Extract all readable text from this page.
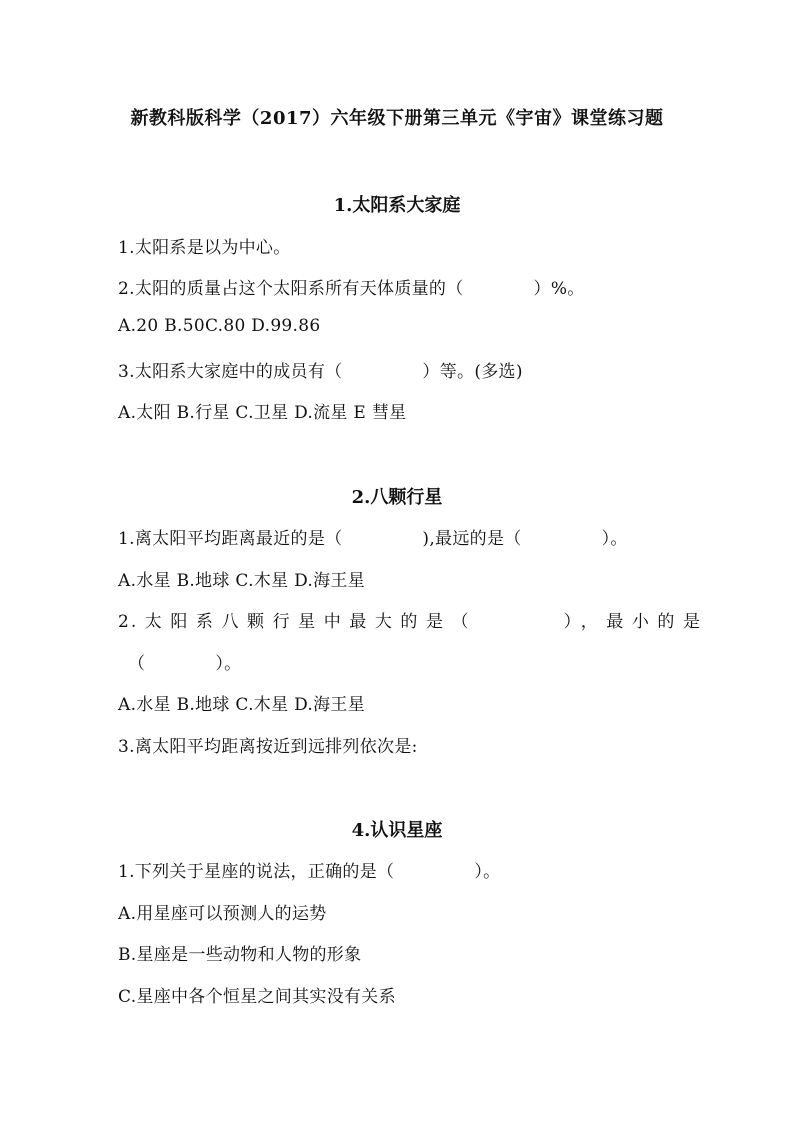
新教科版科学（2017）六年级下册第三单元《宇宙》课堂练习题
1.太阳系大家庭
1.太阳系是以为中心。
2.太阳的质量占这个太阳系所有天体质量的（	）%。
A.20 B.50C.80 D.99.86
3.太阳系大家庭中的成员有（	）等。(多选)
A.太阳 B.行星 C.卫星 D.流星 E 彗星
2.八颗行星
1.离太阳平均距离最近的是（	),最远的是（	）。
A.水星 B.地球 C.木星 D.海王星
2.太阳系八颗行星中最大的是（	），最小的是
（	）。
A.水星 B.地球 C.木星 D.海王星
3.离太阳平均距离按近到远排列依次是:
4.认识星座
1.下列关于星座的说法，正确的是（	）。
A.用星座可以预测人的运势
B.星座是一些动物和人物的形象
C.星座中各个恒星之间其实没有关系
